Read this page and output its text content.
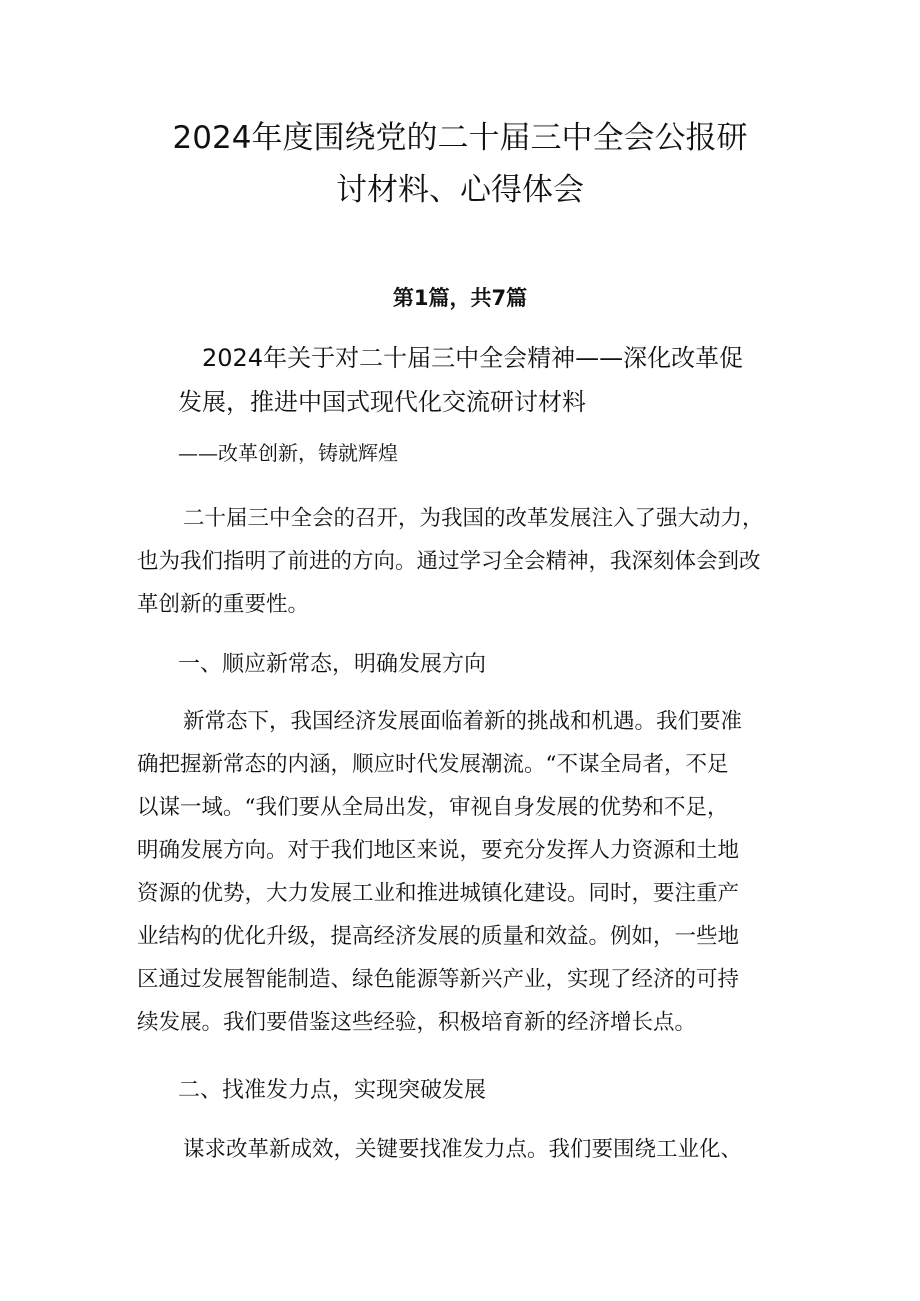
2024年度围绕党的二十届三中全会公报研
讨材料、心得体会
第1篇，共7篇
2024年关于对二十届三中全会精神——深化改革促
发展，推进中国式现代化交流研讨材料
——改革创新，铸就辉煌

二十届三中全会的召开，为我国的改革发展注入了强大动力，
也为我们指明了前进的方向。通过学习全会精神，我深刻体会到改
革创新的重要性。

一、顺应新常态，明确发展方向

新常态下，我国经济发展面临着新的挑战和机遇。我们要准
确把握新常态的内涵，顺应时代发展潮流。“不谋全局者，不足
以谋一域。“我们要从全局出发，审视自身发展的优势和不足，
明确发展方向。对于我们地区来说，要充分发挥人力资源和土地
资源的优势，大力发展工业和推进城镇化建设。同时，要注重产
业结构的优化升级，提高经济发展的质量和效益。例如，一些地
区通过发展智能制造、绿色能源等新兴产业，实现了经济的可持
续发展。我们要借鉴这些经验，积极培育新的经济增长点。

二、找准发力点，实现突破发展

谋求改革新成效，关键要找准发力点。我们要围绕工业化、
